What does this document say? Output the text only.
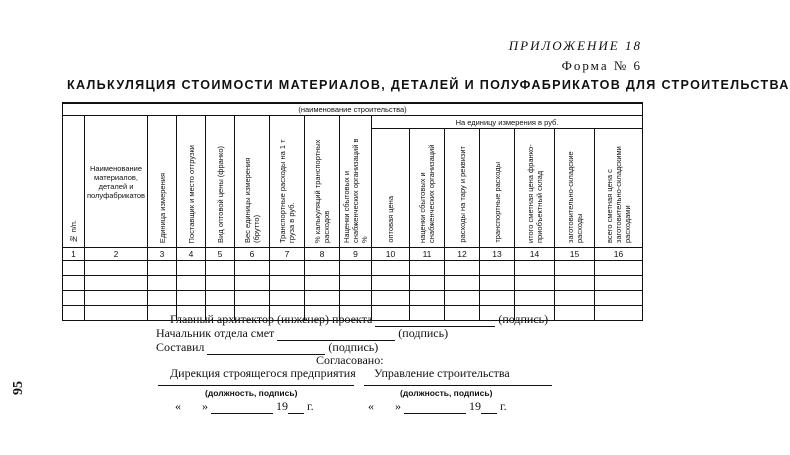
ПРИЛОЖЕНИЕ 18
Форма № 6
КАЛЬКУЛЯЦИЯ СТОИМОСТИ МАТЕРИАЛОВ, ДЕТАЛЕЙ И ПОЛУФАБРИКАТОВ ДЛЯ СТРОИТЕЛЬСТВА
95
(наименование строительства)															
№ п/п.	Наименование материалов, деталей и полуфабрикатов	Единица измерения	Поставщик и место отгрузки	Вид оптовой цены (франко)	Вес единицы измерения (брутто)	Транспортные расходы на 1 т груза в руб.	% калькуляций транспортных расходов	Наценки сбытовых и снабженческих организаций в %	На единицу измерения в руб.						
									оптовая цена	наценки сбытовых и снабженческих организаций	расходы на тару и реквизит	транспортные расходы	итого сметная цена франко-приобъектный склад	заготовительно-складские расходы	всего сметная цена с заготовительно-складскими расходами
1	2	3	4	5	6	7	8	9	10	11	12	13	14	15	16

Главный архитектор (инженер) проекта	(подпись)
Начальник отдела смет	(подпись)
Составил	(подпись)
Согласовано:
Дирекция строящегося предприятия Управление строительства
(должность, подпись)	(должность, подпись)
« »	19 г.	« »	19 г.
